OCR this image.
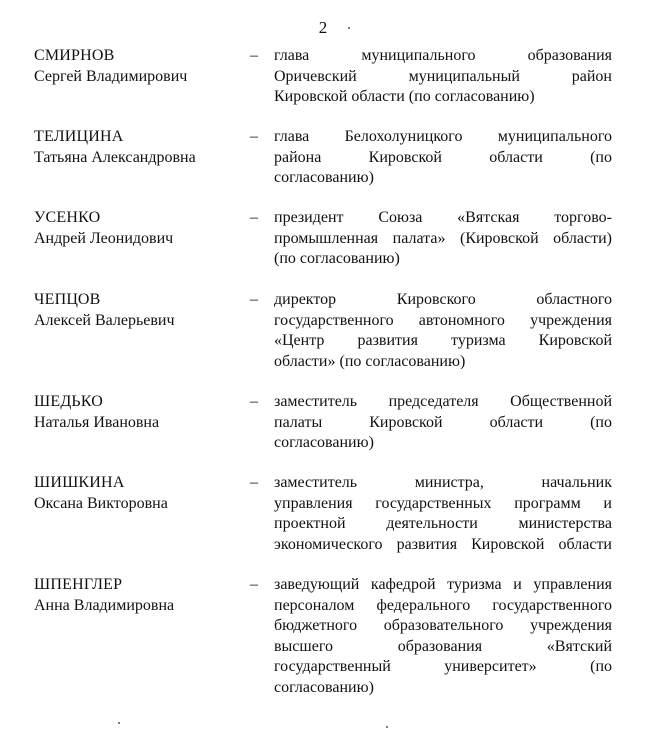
2
СМИРНОВ
Сергей Владимирович
–	глава муниципального образования
Оричевский муниципальный район
Кировской области (по согласованию)
ТЕЛИЦИНА
Татьяна Александровна
–	глава Белохолуницкого муниципального
района Кировской области (по
согласованию)
УСЕНКО
Андрей Леонидович
–	президент Союза «Вятская торгово-
промышленная палата» (Кировской области)
(по согласованию)
ЧЕПЦОВ
Алексей Валерьевич
–	директор Кировского областного
государственного автономного учреждения
«Центр развития туризма Кировской
области» (по согласованию)
ШЕДЬКО
Наталья Ивановна
–	заместитель председателя Общественной
палаты Кировской области (по
согласованию)
ШИШКИНА
Оксана Викторовна
–	заместитель министра, начальник
управления государственных программ и
проектной деятельности министерства
экономического развития Кировской области
ШПЕНГЛЕР
Анна Владимировна
–	заведующий кафедрой туризма и управления
персоналом федерального государственного
бюджетного образовательного учреждения
высшего образования «Вятский
государственный университет» (по
согласованию)
